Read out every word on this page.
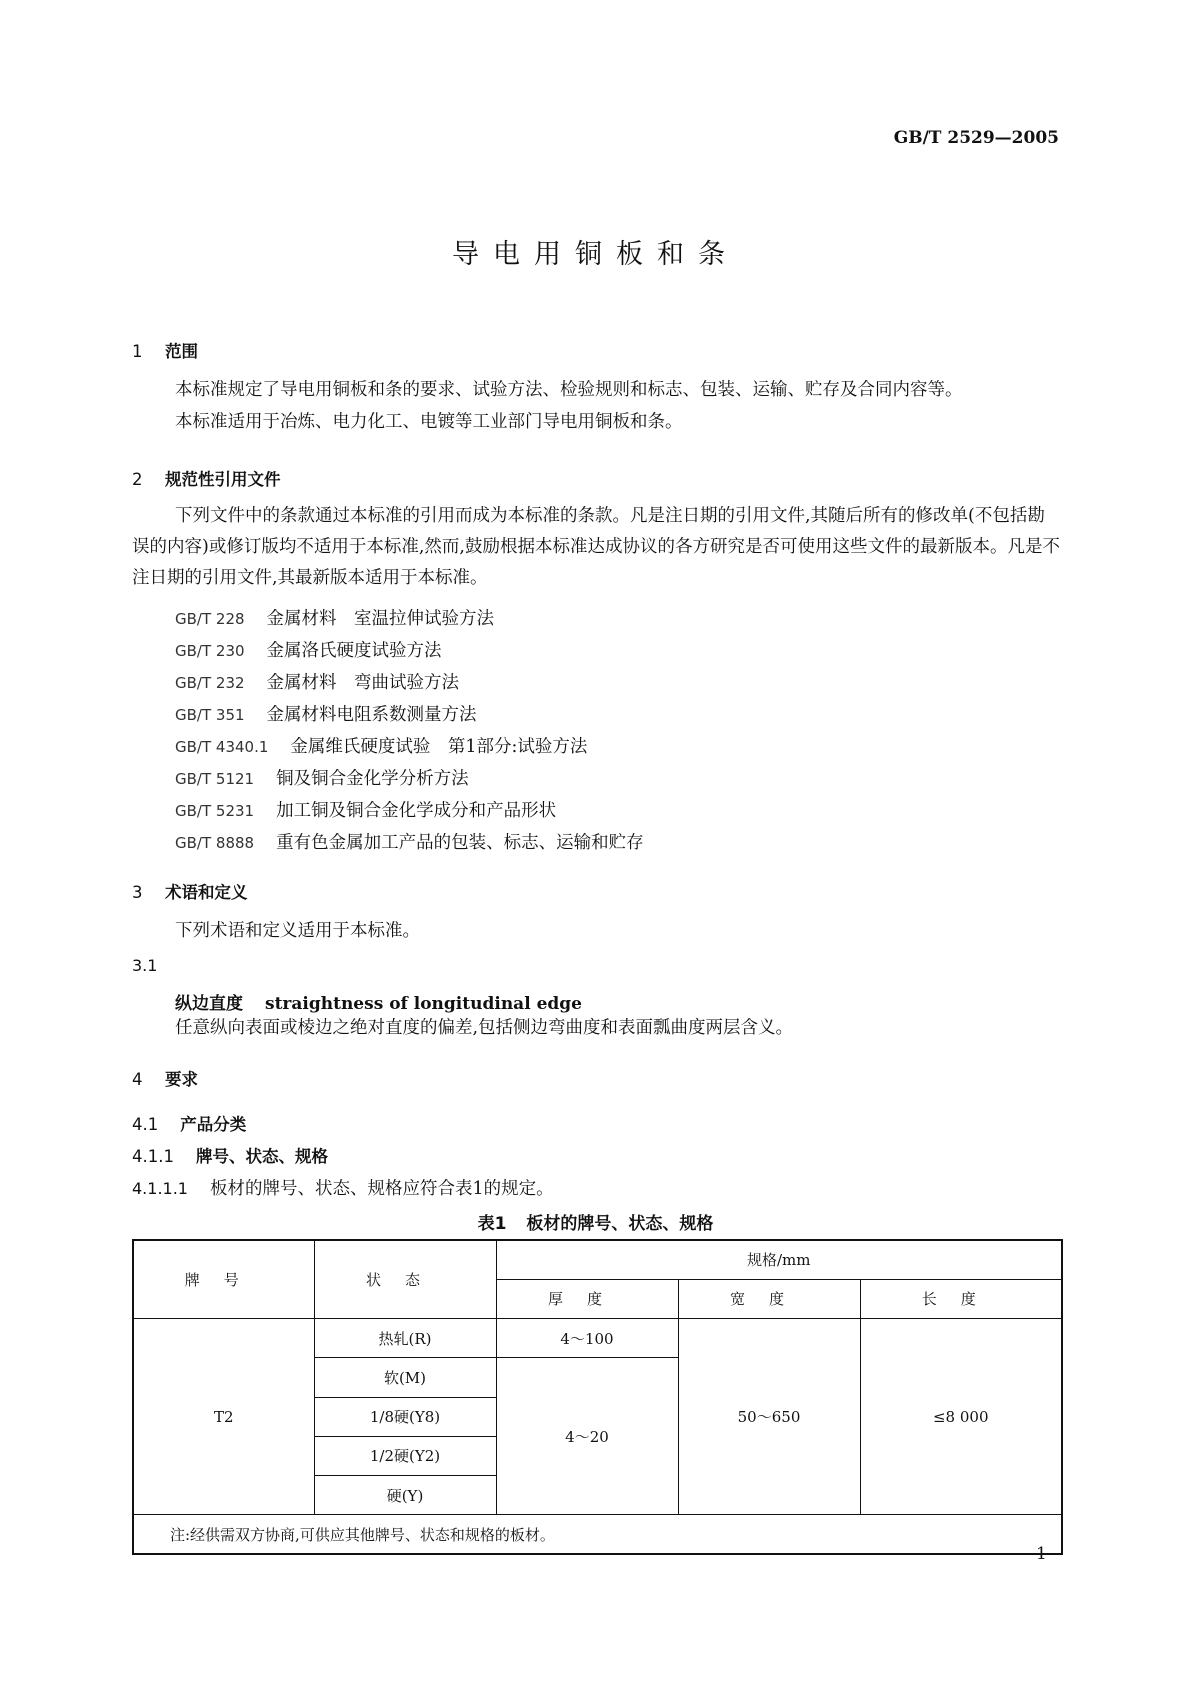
GB/T 2529—2005
导电用铜板和条
1 范围
本标准规定了导电用铜板和条的要求、试验方法、检验规则和标志、包装、运输、贮存及合同内容等。
本标准适用于冶炼、电力化工、电镀等工业部门导电用铜板和条。
2 规范性引用文件
下列文件中的条款通过本标准的引用而成为本标准的条款。凡是注日期的引用文件,其随后所有的修改单(不包括勘误的内容)或修订版均不适用于本标准,然而,鼓励根据本标准达成协议的各方研究是否可使用这些文件的最新版本。凡是不注日期的引用文件,其最新版本适用于本标准。
GB/T 228 金属材料　室温拉伸试验方法
GB/T 230 金属洛氏硬度试验方法
GB/T 232 金属材料　弯曲试验方法
GB/T 351 金属材料电阻系数测量方法
GB/T 4340.1 金属维氏硬度试验　第1部分:试验方法
GB/T 5121 铜及铜合金化学分析方法
GB/T 5231 加工铜及铜合金化学成分和产品形状
GB/T 8888 重有色金属加工产品的包装、标志、运输和贮存
3 术语和定义
下列术语和定义适用于本标准。
3.1
纵边直度 straightness of longitudinal edge
任意纵向表面或棱边之绝对直度的偏差,包括侧边弯曲度和表面瓢曲度两层含义。
4 要求
4.1 产品分类
4.1.1 牌号、状态、规格
4.1.1.1 板材的牌号、状态、规格应符合表1的规定。
表1 板材的牌号、状态、规格
牌号	状态	规格/mm		
		厚度	宽度	长度
T2	热轧(R)	4～100	50～650	≤8 000
	软(M)	4～20		
	1/8硬(Y8)			
	1/2硬(Y2)			
	硬(Y)			
注:经供需双方协商,可供应其他牌号、状态和规格的板材。				
1
